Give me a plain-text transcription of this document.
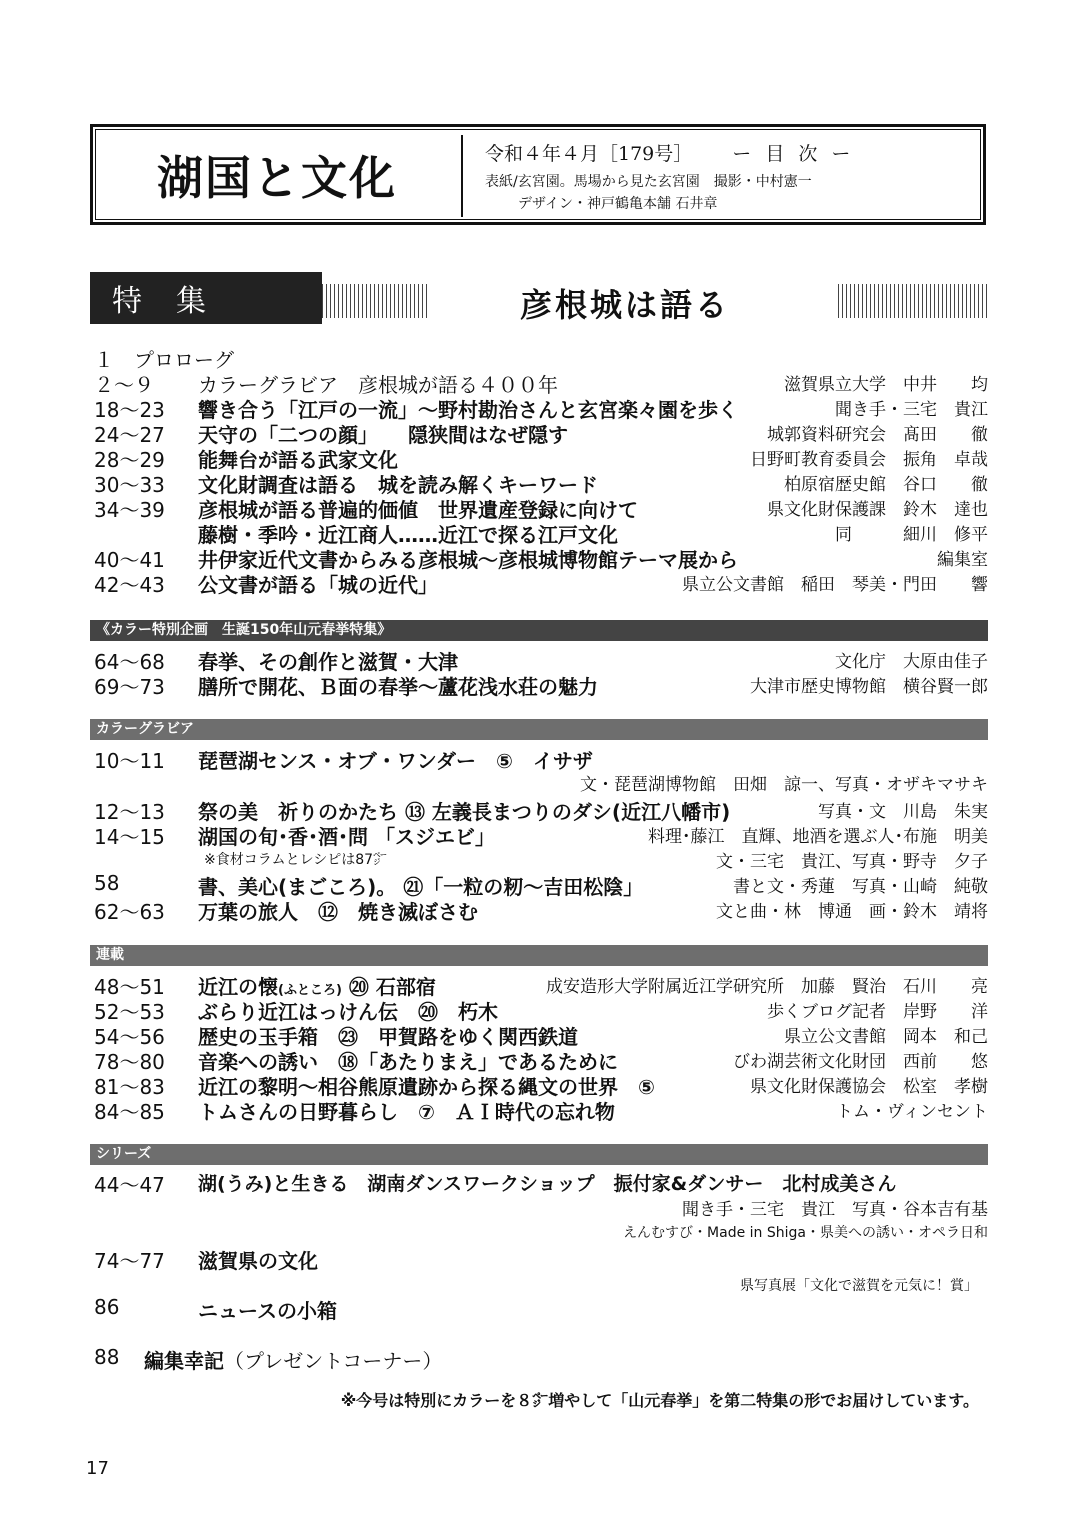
湖国と文化	令和４年４月［179号］ ー 目 次 ー
表紙/玄宮園。馬場から見た玄宮園　撮影・中村憲一
デザイン・神戸鶴亀本舗 石井章
特集	彦根城は語る
１　プロローグ
２～９ カラーグラビア　彦根城が語る４００年	滋賀県立大学　中井　　均
18～23 響き合う「江戸の一流」～野村勘治さんと玄宮楽々園を歩く	聞き手・三宅　貴江
24～27 天守の「二つの顔」　　隠狭間はなぜ隠す	城郭資料研究会　髙田　　徹
28～29 能舞台が語る武家文化	日野町教育委員会　振角　卓哉
30～33 文化財調査は語る　城を読み解くキーワード	柏原宿歴史館　谷口　　徹
34～39 彦根城が語る普遍的価値　世界遺産登録に向けて	県文化財保護課　鈴木　達也
藤樹・季吟・近江商人……近江で探る江戸文化	同　　　細川　修平
40～41 井伊家近代文書からみる彦根城～彦根城博物館テーマ展から	編集室
42～43 公文書が語る「城の近代」	県立公文書館　稲田　琴美・門田　　響
《カラー特別企画　生誕150年山元春挙特集》
64～68 春挙、その創作と滋賀・大津	文化庁　大原由佳子
69～73 膳所で開花、Ｂ面の春挙～蘆花浅水荘の魅力	大津市歴史博物館　横谷賢一郎
カラーグラビア
10～11 琵琶湖センス・オブ・ワンダー　⑤　イサザ
文・琵琶湖博物館　田畑　諒一、写真・オザキマサキ
12～13 祭の美　祈りのかたち ⑬ 左義長まつりのダシ(近江八幡市)	写真・文　川島　朱実
14～15 湖国の旬･香･酒･問 「スジエビ」	料理･藤江　直輝、地酒を選ぶ人･布施　明美
※食材コラムとレシピは87㌻	文・三宅　貴江、写真・野寺　夕子
58	書、美心(まごころ)。 ㉑「一粒の籾～吉田松陰」	書と文・秀蓮　写真・山崎　純敬
62～63 万葉の旅人　⑫　焼き滅ぼさむ	文と曲・林　博通　画・鈴木　靖将
連載
48～51 近江の懐(ふところ) ⑳ 石部宿	成安造形大学附属近江学研究所　加藤　賢治　石川　　亮
52～53 ぶらり近江はっけん伝　⑳　朽木	歩くブログ記者　岸野　　洋
54～56 歴史の玉手箱　㉓　甲賀路をゆく関西鉄道	県立公文書館　岡本　和己
78～80 音楽への誘い　⑱「あたりまえ」であるために	びわ湖芸術文化財団　西前　　悠
81～83 近江の黎明～相谷熊原遺跡から探る縄文の世界　⑤	県文化財保護協会　松室　孝樹
84～85 トムさんの日野暮らし　⑦　ＡＩ時代の忘れ物	トム・ヴィンセント
シリーズ
44～47 湖(うみ)と生きる　湖南ダンスワークショップ　振付家&ダンサー　北村成美さん
聞き手・三宅　貴江　写真・谷本吉有基
えんむすび・Made in Shiga・県美への誘い・オペラ日和
74～77 滋賀県の文化
県写真展「文化で滋賀を元気に！賞」
86	ニュースの小箱
88 編集幸記（プレゼントコーナー）
※今号は特別にカラーを８㌻増やして「山元春挙」を第二特集の形でお届けしています。
17
